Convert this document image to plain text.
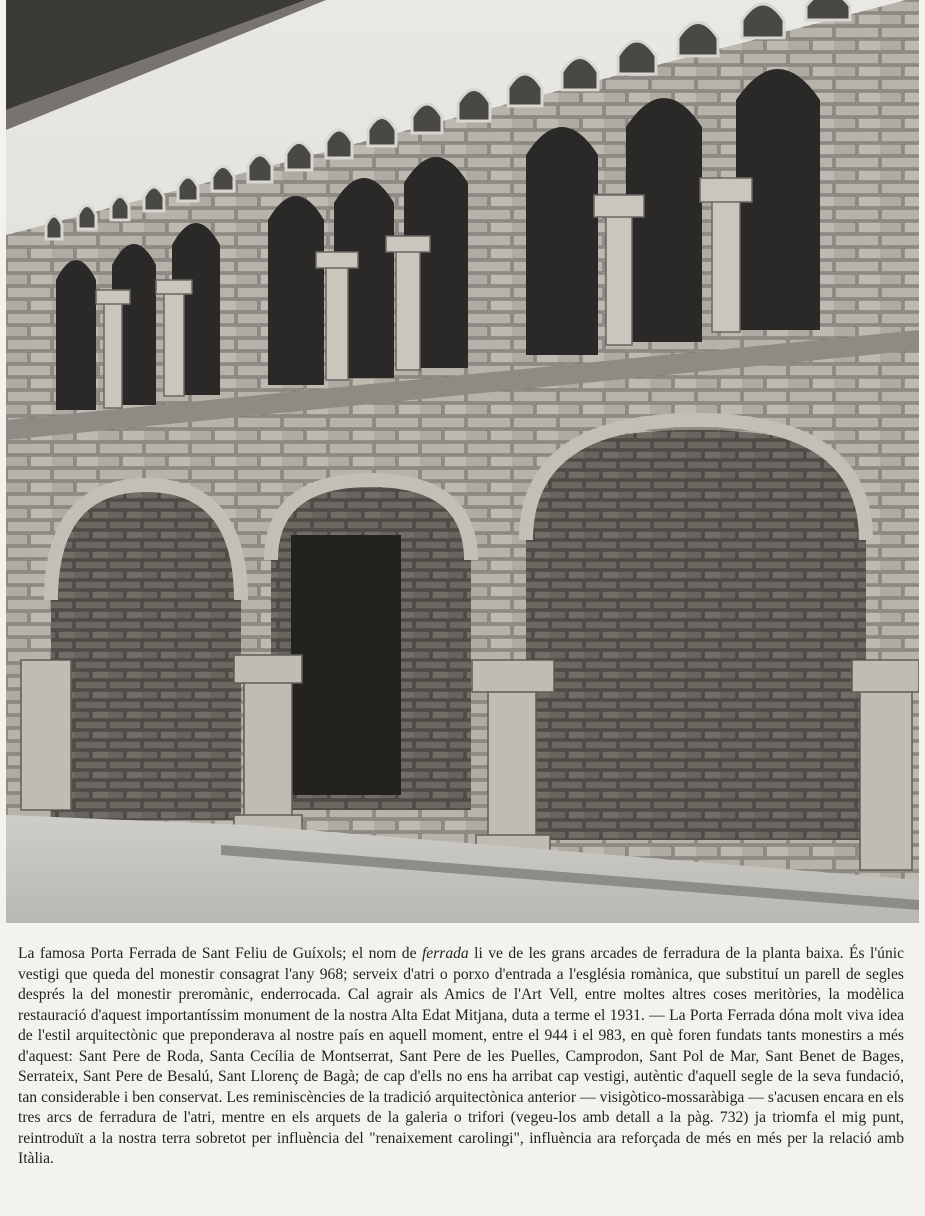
La famosa Porta Ferrada de Sant Feliu de Guíxols; el nom de ferrada li ve de les grans arcades de ferradura de la planta baixa. És l'únic vestigi que queda del monestir consagrat l'any 968; serveix d'atri o porxo d'entrada a l'església romànica, que substituí un parell de segles després la del monestir preromànic, enderrocada. Cal agrair als Amics de l'Art Vell, entre moltes altres coses meritòries, la modèlica restauració d'aquest importantíssim monument de la nostra Alta Edat Mitjana, duta a terme el 1931. — La Porta Ferrada dóna molt viva idea de l'estil arquitectònic que preponderava al nostre país en aquell moment, entre el 944 i el 983, en què foren fundats tants monestirs a més d'aquest: Sant Pere de Roda, Santa Cecília de Montserrat, Sant Pere de les Puelles, Camprodon, Sant Pol de Mar, Sant Benet de Bages, Serrateix, Sant Pere de Besalú, Sant Llorenç de Bagà; de cap d'ells no ens ha arribat cap vestigi, autèntic d'aquell segle de la seva fundació, tan considerable i ben conservat. Les reminiscències de la tradició arquitectònica anterior — visigòtico-mossaràbiga — s'acusen encara en els tres arcs de ferradura de l'atri, mentre en els arquets de la galeria o trifori (vegeu-los amb detall a la pàg. 732) ja triomfa el mig punt, reintroduït a la nostra terra sobretot per influència del "renaixement carolingi", influència ara reforçada de més en més per la relació amb Itàlia.
